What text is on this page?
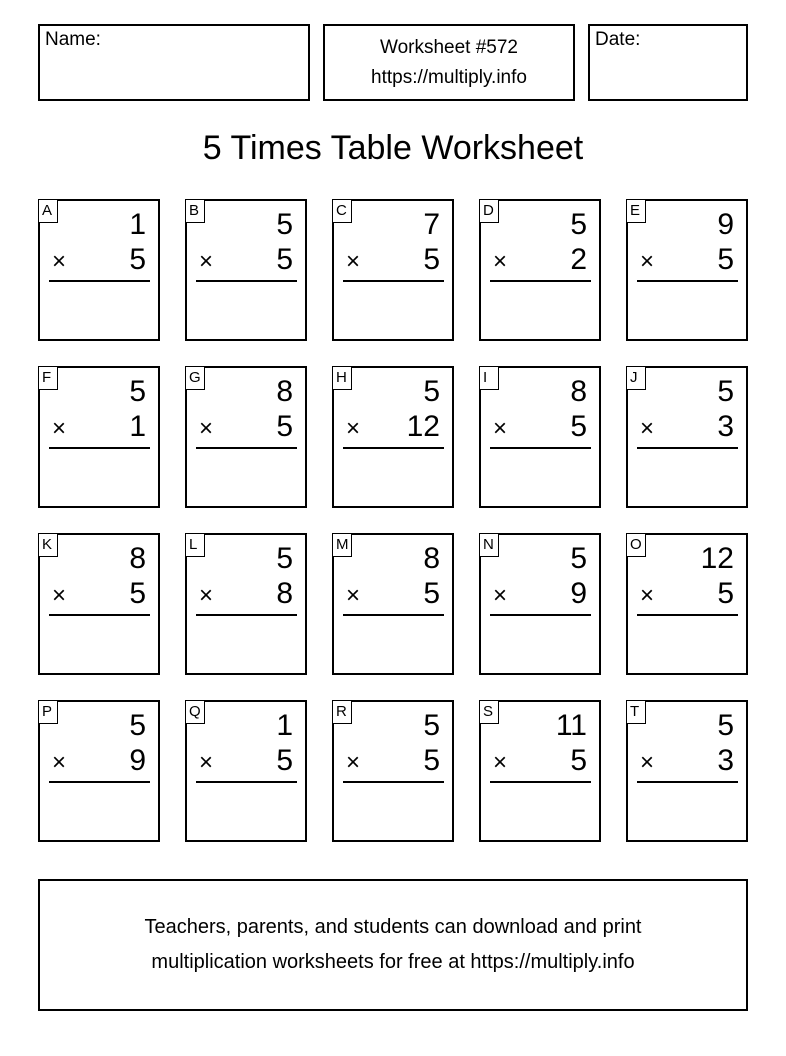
Name:	Worksheet #572
https://multiply.info
Date:
5 Times Table Worksheet
A	1
× 5
B	5
× 5
C	7
× 5
D	5
× 2
E	9
× 5
F	5
× 1
G	8
× 5
H	5
× 12
I	8
× 5
J	5
× 3
K	8
× 5
L	5
× 8
M 8
× 5
N	5
× 9
O 12
× 5
P	5
× 9
Q	1
× 5
R	5
× 5
S 11
× 5
T	5
× 3
Teachers, parents, and students can download and print
multiplication worksheets for free at https://multiply.info
